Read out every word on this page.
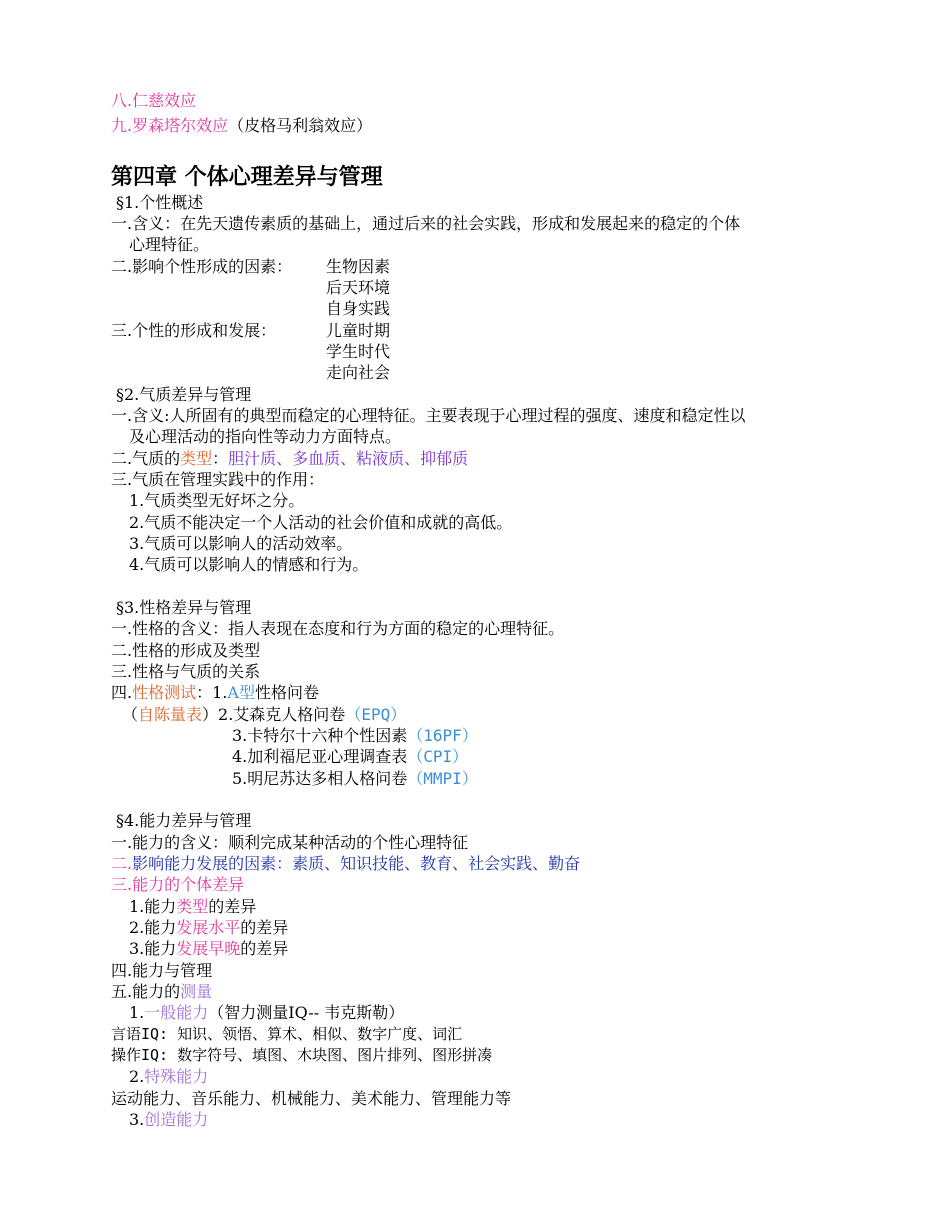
八.仁慈效应
九.罗森塔尔效应（皮格马利翁效应）
第四章 个体心理差异与管理
§1.个性概述
一.含义：在先天遗传素质的基础上，通过后来的社会实践，形成和发展起来的稳定的个体
心理特征。
二.影响个性形成的因素： 生物因素
后天环境
自身实践
三.个性的形成和发展：	儿童时期
学生时代
走向社会
§2.气质差异与管理
一.含义:人所固有的典型而稳定的心理特征。主要表现于心理过程的强度、速度和稳定性以
及心理活动的指向性等动力方面特点。
二.气质的类型：胆汁质、多血质、粘液质、抑郁质
三.气质在管理实践中的作用：
1.气质类型无好坏之分。
2.气质不能决定一个人活动的社会价值和成就的高低。
3.气质可以影响人的活动效率。
4.气质可以影响人的情感和行为。
§3.性格差异与管理
一.性格的含义：指人表现在态度和行为方面的稳定的心理特征。
二.性格的形成及类型
三.性格与气质的关系
四.性格测试：1.A型性格问卷
（自陈量表）2.艾森克人格问卷（EPQ）
3.卡特尔十六种个性因素（16PF）
4.加利福尼亚心理调查表（CPI）
5.明尼苏达多相人格问卷（MMPI）
§4.能力差异与管理
一.能力的含义：顺利完成某种活动的个性心理特征
二.影响能力发展的因素：素质、知识技能、教育、社会实践、勤奋
三.能力的个体差异
1.能力类型的差异
2.能力发展水平的差异
3.能力发展早晚的差异
四.能力与管理
五.能力的测量
1.一般能力（智力测量IQ-- 韦克斯勒）
言语IQ: 知识、领悟、算术、相似、数字广度、词汇
操作IQ: 数字符号、填图、木块图、图片排列、图形拼凑
2.特殊能力
运动能力、音乐能力、机械能力、美术能力、管理能力等
3.创造能力
